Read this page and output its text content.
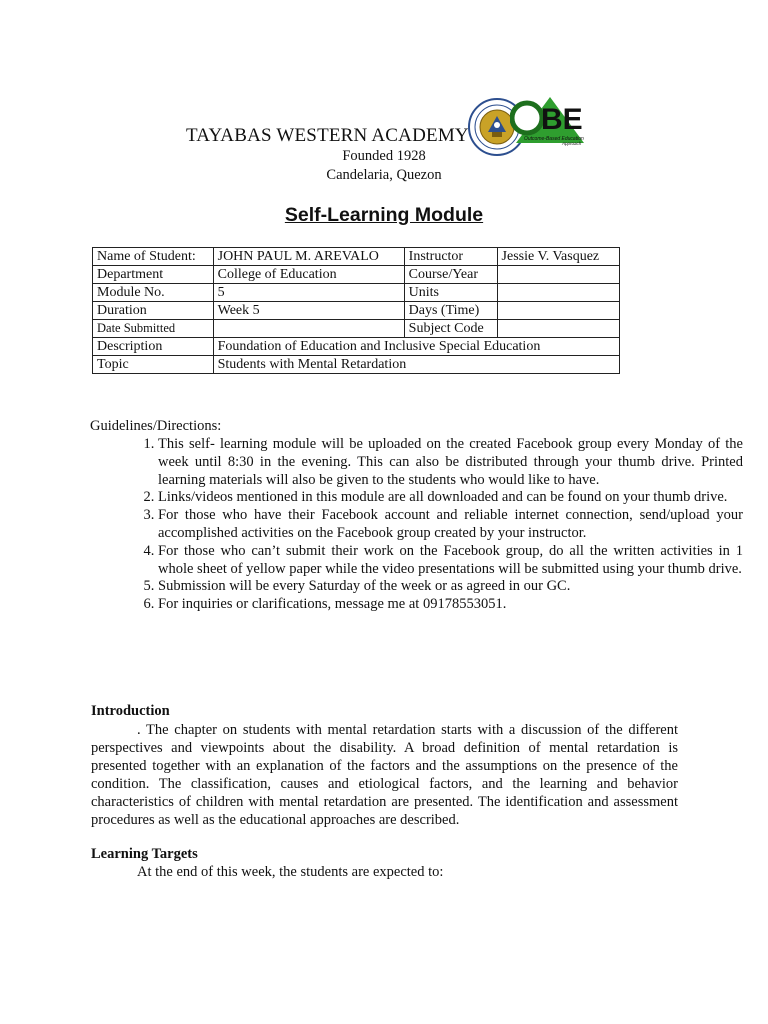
TAYABAS WESTERN ACADEMY BE
Outcome-Based Education
Approach
Founded 1928
Candelaria, Quezon
Self-Learning Module
Name of Student:	JOHN PAUL M. AREVALO	Instructor	Jessie V. Vasquez
Department	College of Education	Course/Year	
Module No.	5	Units	
Duration	Week 5	Days (Time)	
Date Submitted		Subject Code	
Description	Foundation of Education and Inclusive Special Education		
Topic	Students with Mental Retardation		
Guidelines/Directions:
1. This self- learning module will be uploaded on the created Facebook group every Monday of the week until 8:30 in the evening. This can also be distributed through your thumb drive. Printed learning materials will also be given to the students who would like to have.
2. Links/videos mentioned in this module are all downloaded and can be found on your thumb drive.
3. For those who have their Facebook account and reliable internet connection, send/upload your accomplished activities on the Facebook group created by your instructor.
4. For those who can’t submit their work on the Facebook group, do all the written activities in 1 whole sheet of yellow paper while the video presentations will be submitted using your thumb drive.
5. Submission will be every Saturday of the week or as agreed in our GC.
6. For inquiries or clarifications, message me at 09178553051.
Introduction

. The chapter on students with mental retardation starts with a discussion of the different perspectives and viewpoints about the disability. A broad definition of mental retardation is presented together with an explanation of the factors and the assumptions on the presence of the condition. The classification, causes and etiological factors, and the learning and behavior characteristics of children with mental retardation are presented. The identification and assessment procedures as well as the educational approaches are described.

Learning Targets
At the end of this week, the students are expected to:
